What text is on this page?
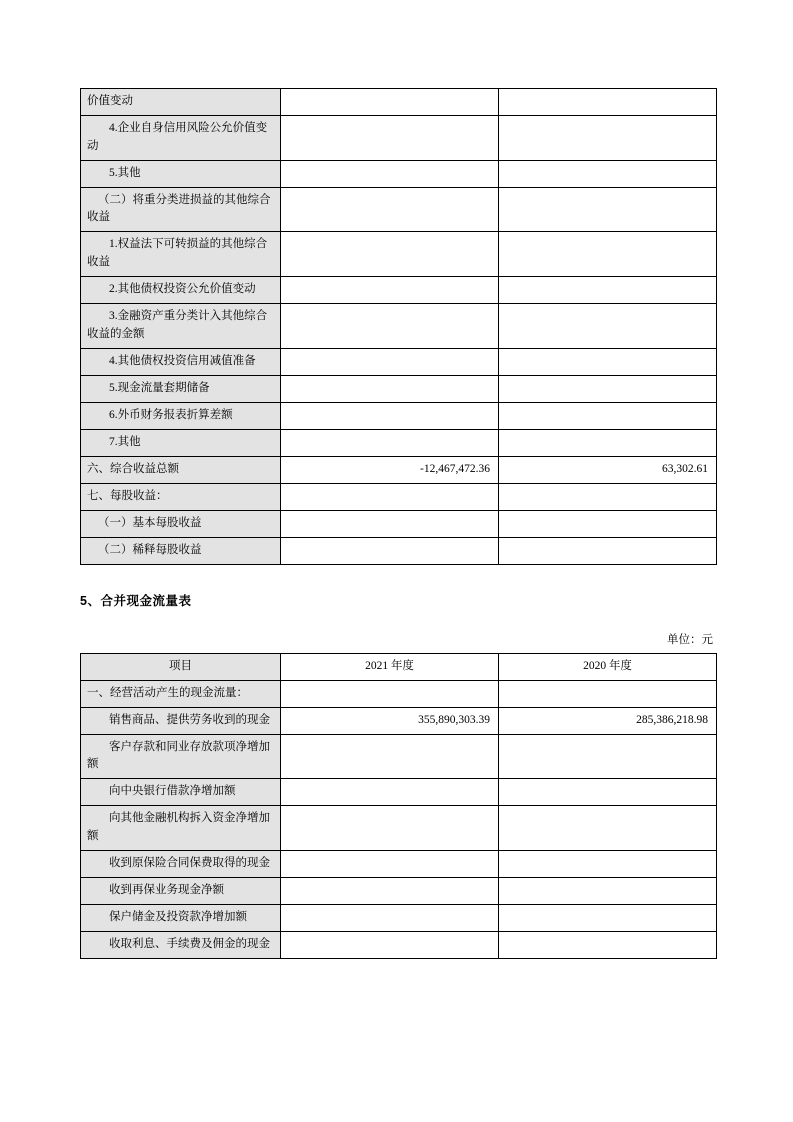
价值变动		

4.企业自身信用风险公允价值变动		

5.其他		

（二）将重分类进损益的其他综合收益		

1.权益法下可转损益的其他综合收益		

2.其他债权投资公允价值变动		

3.金融资产重分类计入其他综合收益的金额		

4.其他债权投资信用减值准备		

5.现金流量套期储备		

6.外币财务报表折算差额		

7.其他		

六、综合收益总额	-12,467,472.36	63,302.61

七、每股收益：		

（一）基本每股收益		

（二）稀释每股收益		

5、合并现金流量表
单位：元
项目	2021 年度	2020 年度

一、经营活动产生的现金流量：		

销售商品、提供劳务收到的现金	355,890,303.39	285,386,218.98

客户存款和同业存放款项净增加额		

向中央银行借款净增加额		

向其他金融机构拆入资金净增加额		

收到原保险合同保费取得的现金		

收到再保业务现金净额		

保户储金及投资款净增加额		

收取利息、手续费及佣金的现金		
